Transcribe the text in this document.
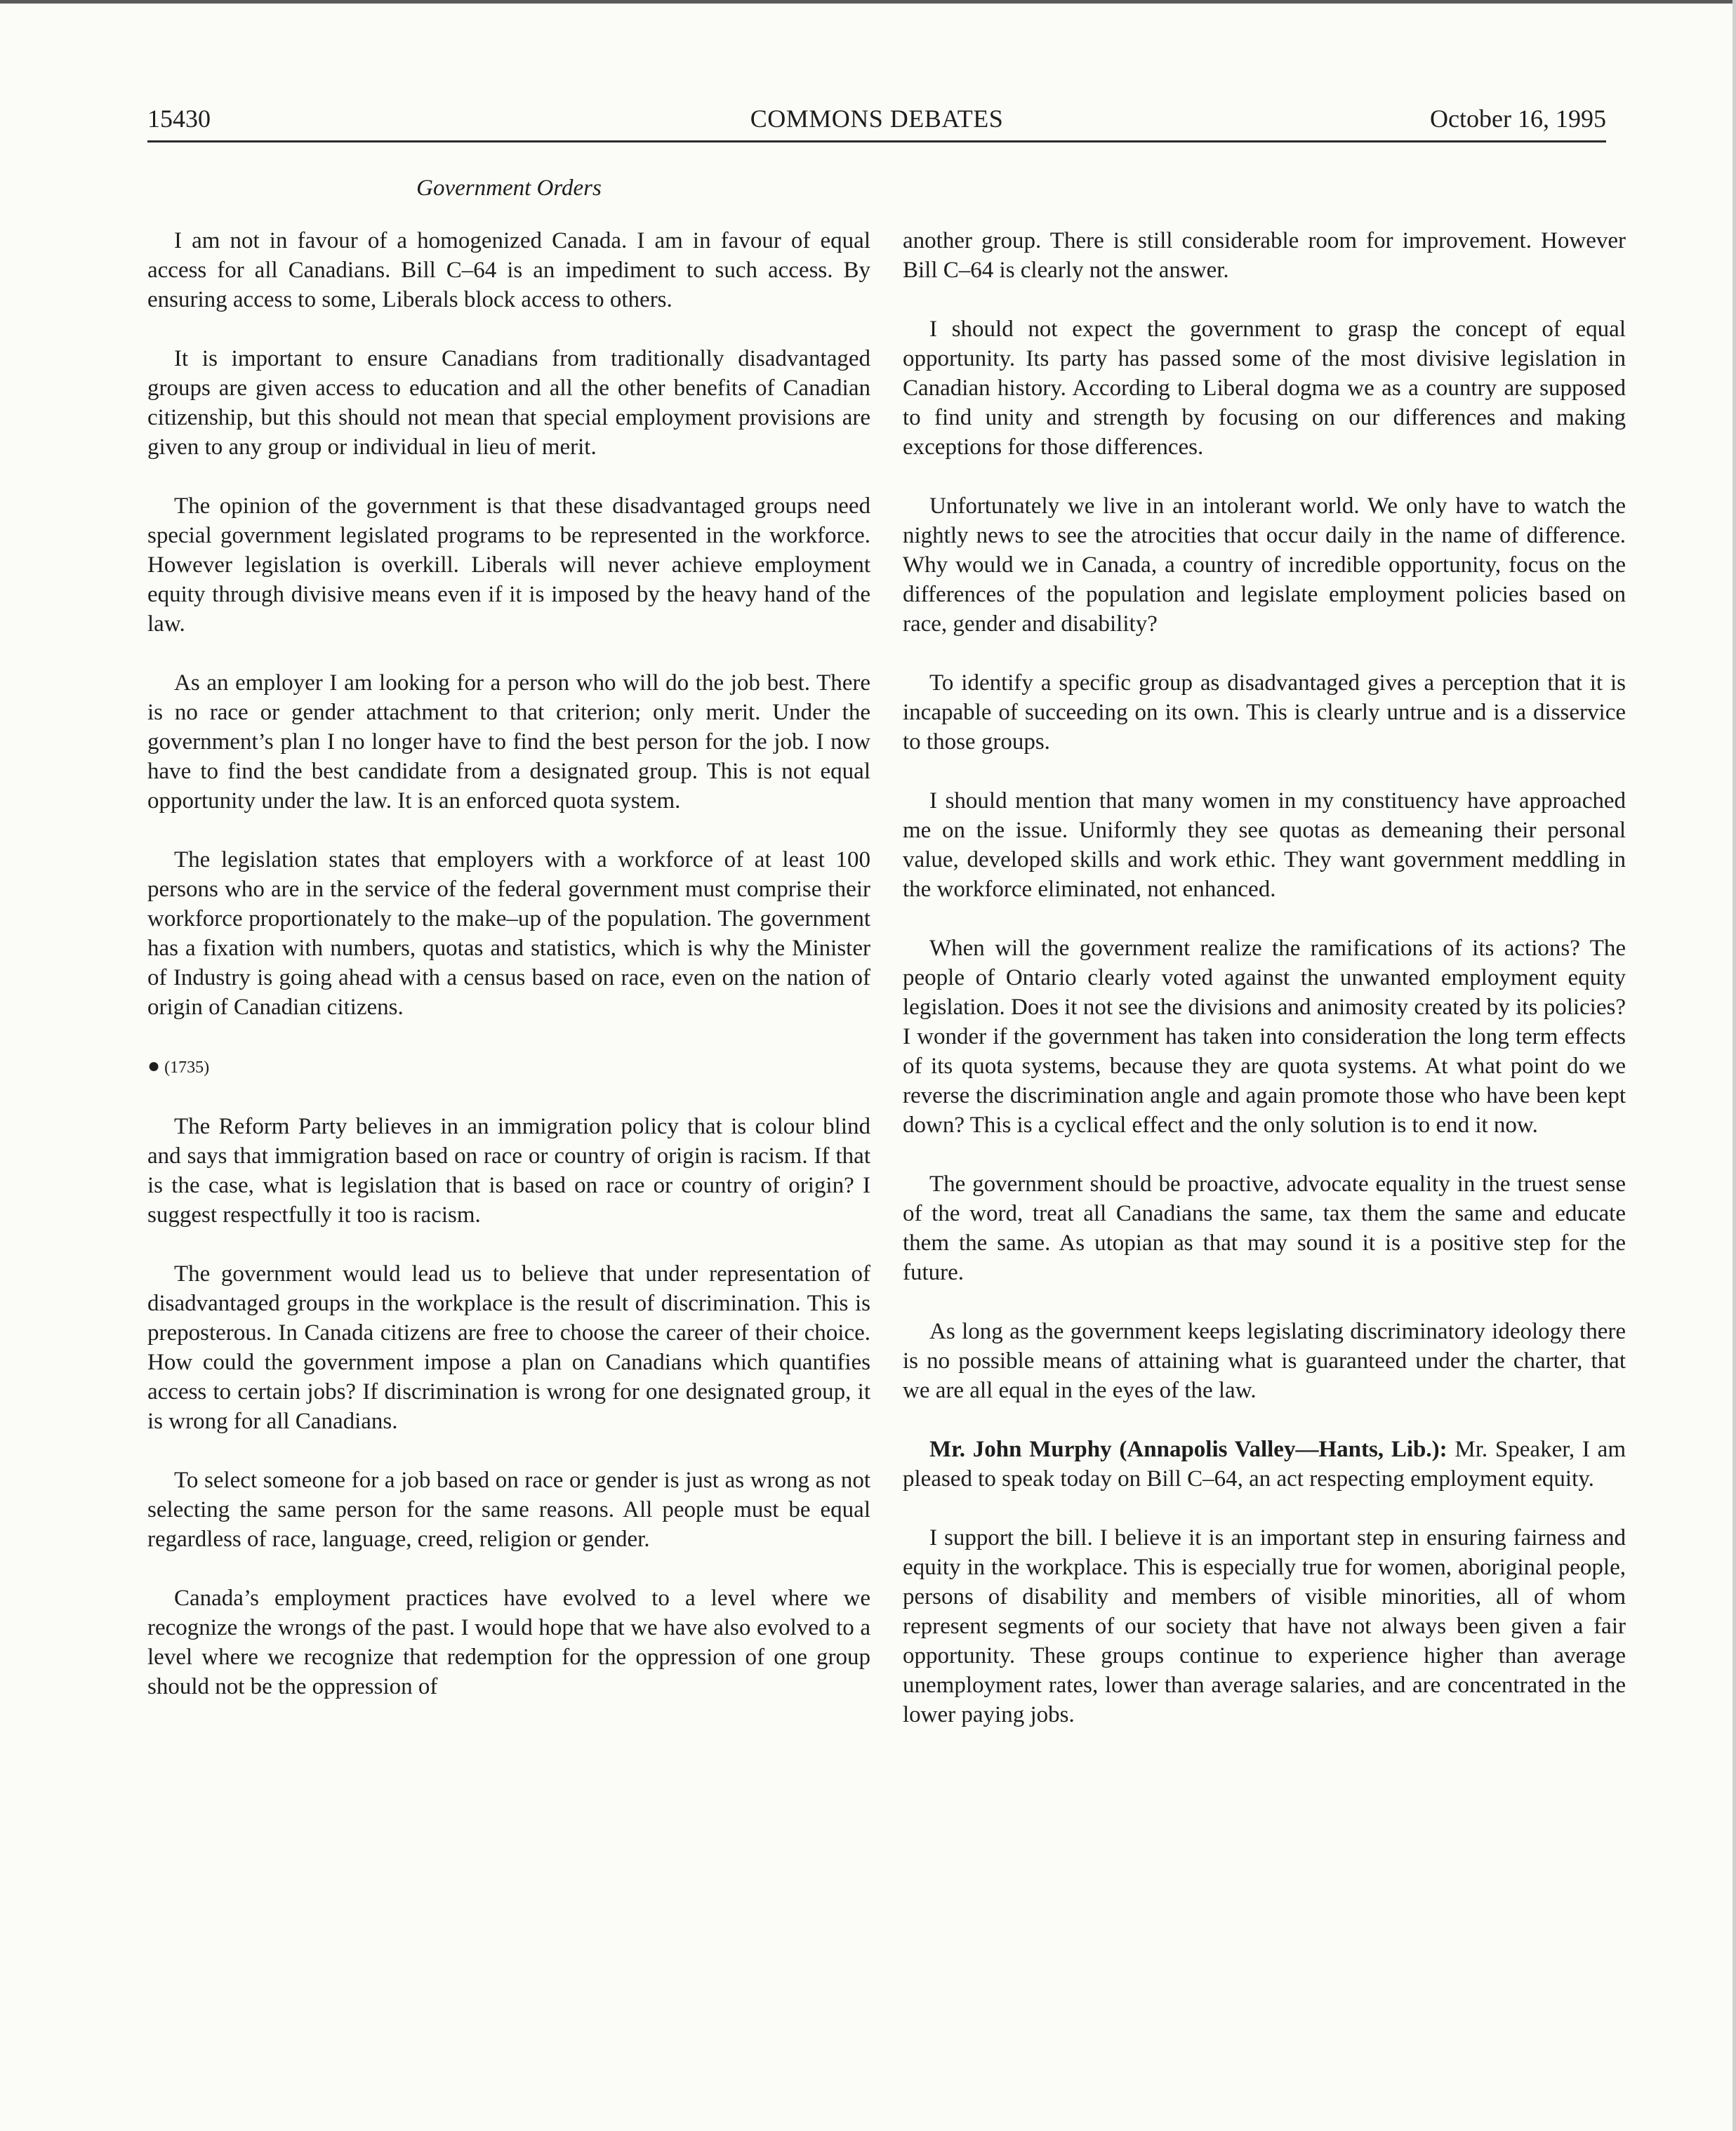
15430	COMMONS DEBATES	October 16, 1995
Government Orders

I am not in favour of a homogenized Canada. I am in favour of equal access for all Canadians. Bill C–64 is an impediment to such access. By ensuring access to some, Liberals block access to others.

It is important to ensure Canadians from traditionally disadvantaged groups are given access to education and all the other benefits of Canadian citizenship, but this should not mean that special employment provisions are given to any group or individual in lieu of merit.

The opinion of the government is that these disadvantaged groups need special government legislated programs to be represented in the workforce. However legislation is overkill. Liberals will never achieve employment equity through divisive means even if it is imposed by the heavy hand of the law.

As an employer I am looking for a person who will do the job best. There is no race or gender attachment to that criterion; only merit. Under the government’s plan I no longer have to find the best person for the job. I now have to find the best candidate from a designated group. This is not equal opportunity under the law. It is an enforced quota system.

The legislation states that employers with a workforce of at least 100 persons who are in the service of the federal government must comprise their workforce proportionately to the make–up of the population. The government has a fixation with numbers, quotas and statistics, which is why the Minister of Industry is going ahead with a census based on race, even on the nation of origin of Canadian citizens.

● (1735)

The Reform Party believes in an immigration policy that is colour blind and says that immigration based on race or country of origin is racism. If that is the case, what is legislation that is based on race or country of origin? I suggest respectfully it too is racism.

The government would lead us to believe that under representation of disadvantaged groups in the workplace is the result of discrimination. This is preposterous. In Canada citizens are free to choose the career of their choice. How could the government impose a plan on Canadians which quantifies access to certain jobs? If discrimination is wrong for one designated group, it is wrong for all Canadians.

To select someone for a job based on race or gender is just as wrong as not selecting the same person for the same reasons. All people must be equal regardless of race, language, creed, religion or gender.

Canada’s employment practices have evolved to a level where we recognize the wrongs of the past. I would hope that we have also evolved to a level where we recognize that redemption for the oppression of one group should not be the oppression of

another group. There is still considerable room for improvement. However Bill C–64 is clearly not the answer.

I should not expect the government to grasp the concept of equal opportunity. Its party has passed some of the most divisive legislation in Canadian history. According to Liberal dogma we as a country are supposed to find unity and strength by focusing on our differences and making exceptions for those differences.

Unfortunately we live in an intolerant world. We only have to watch the nightly news to see the atrocities that occur daily in the name of difference. Why would we in Canada, a country of incredible opportunity, focus on the differences of the population and legislate employment policies based on race, gender and disability?

To identify a specific group as disadvantaged gives a perception that it is incapable of succeeding on its own. This is clearly untrue and is a disservice to those groups.

I should mention that many women in my constituency have approached me on the issue. Uniformly they see quotas as demeaning their personal value, developed skills and work ethic. They want government meddling in the workforce eliminated, not enhanced.

When will the government realize the ramifications of its actions? The people of Ontario clearly voted against the unwanted employment equity legislation. Does it not see the divisions and animosity created by its policies? I wonder if the government has taken into consideration the long term effects of its quota systems, because they are quota systems. At what point do we reverse the discrimination angle and again promote those who have been kept down? This is a cyclical effect and the only solution is to end it now.

The government should be proactive, advocate equality in the truest sense of the word, treat all Canadians the same, tax them the same and educate them the same. As utopian as that may sound it is a positive step for the future.

As long as the government keeps legislating discriminatory ideology there is no possible means of attaining what is guaranteed under the charter, that we are all equal in the eyes of the law.

Mr. John Murphy (Annapolis Valley—Hants, Lib.): Mr. Speaker, I am pleased to speak today on Bill C–64, an act respecting employment equity.

I support the bill. I believe it is an important step in ensuring fairness and equity in the workplace. This is especially true for women, aboriginal people, persons of disability and members of visible minorities, all of whom represent segments of our society that have not always been given a fair opportunity. These groups continue to experience higher than average unemployment rates, lower than average salaries, and are concentrated in the lower paying jobs.
